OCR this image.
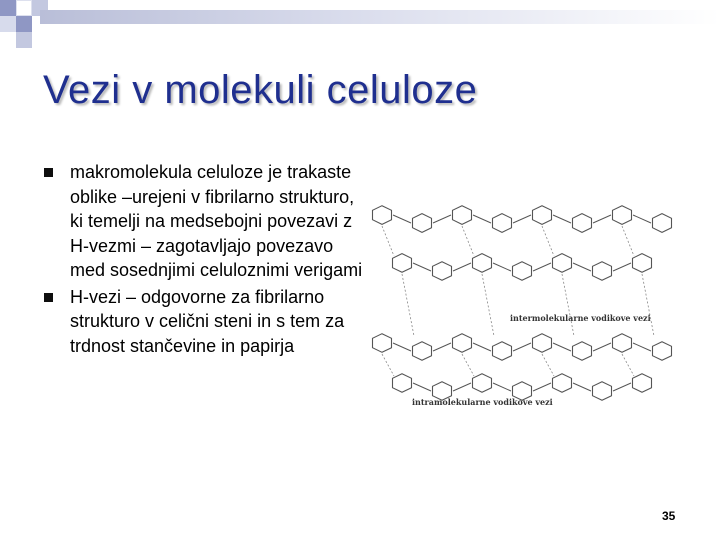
Vezi v molekuli celuloze
makromolekula celuloze je trakaste oblike –urejeni v fibrilarno strukturo, ki temelji na medsebojni povezavi z H-vezmi – zagotavljajo povezavo med sosednjimi celuloznimi verigami
H-vezi – odgovorne za fibrilarno strukturo v celični steni in s tem za trdnost stančevine in papirja
intermolekularne vodikove vezi
intramolekularne vodikove vezi
35
